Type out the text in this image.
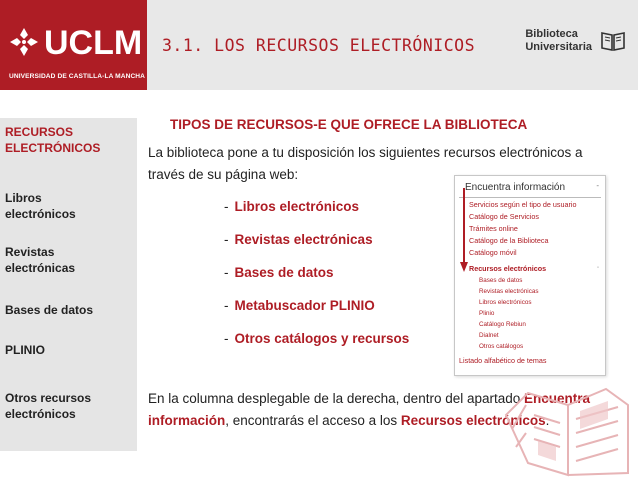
UCLM
UNIVERSIDAD DE CASTILLA-LA MANCHA
3.1. LOS RECURSOS ELECTRÓNICOS
Biblioteca
Universitaria
RECURSOS
ELECTRÓNICOS
Libros
electrónicos
Revistas
electrónicas
Bases de datos
PLINIO
Otros recursos
electrónicos
TIPOS DE RECURSOS-E QUE OFRECE LA BIBLIOTECA
La biblioteca pone a tu disposición los siguientes recursos electrónicos a través de su página web:
- Libros electrónicos
- Revistas electrónicas
- Bases de datos
- Metabuscador PLINIO
- Otros catálogos y recursos
Encuentra información	-
Servicios según el tipo de usuario
Catálogo de Servicios
Trámites online
Catálogo de la Biblioteca
Catálogo móvil
Recursos electrónicos	-
Bases de datos
Revistas electrónicas
Libros electrónicos
Plinio
Catálogo Rebiun
Dialnet
Otros catálogos
Listado alfabético de temas
En la columna desplegable de la derecha, dentro del apartado Encuentra información, encontrarás el acceso a los Recursos electrónicos.
